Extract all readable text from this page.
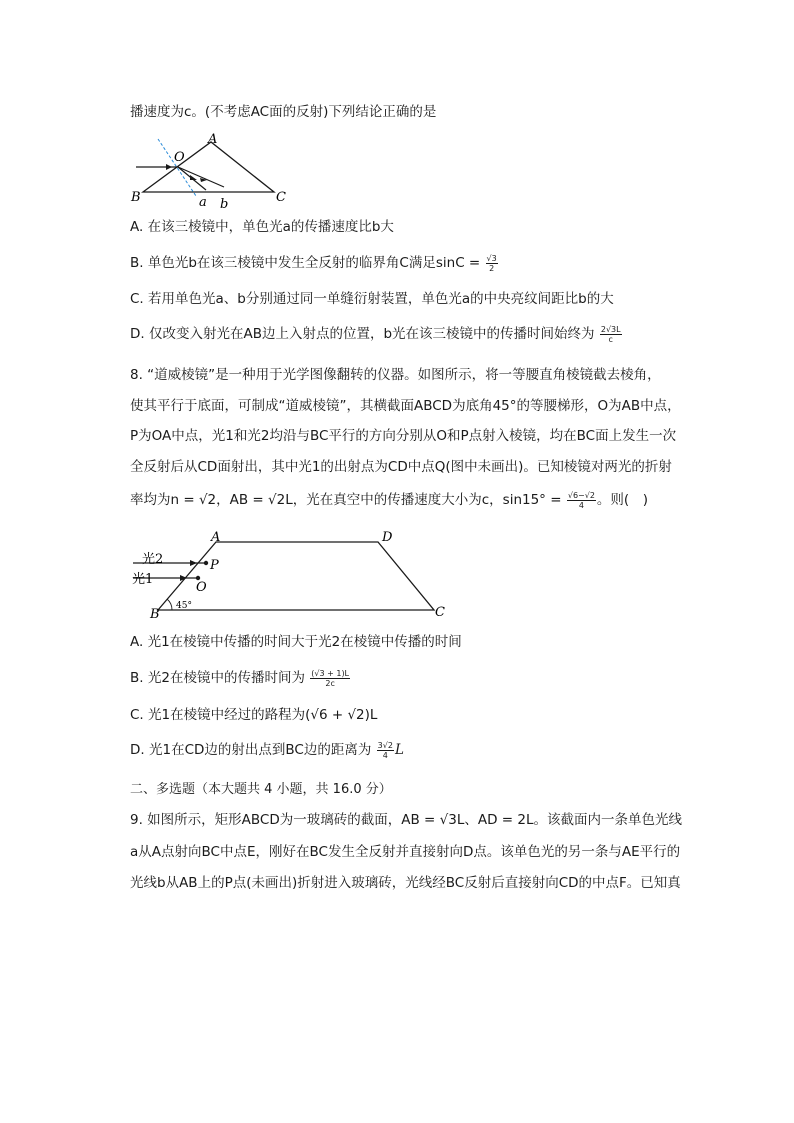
播速度为c。(不考虑AC面的反射)下列结论正确的是
A
O
B	C
a b
A. 在该三棱镜中，单色光a的传播速度比b大
B. 单色光b在该三棱镜中发生全反射的临界角C满足$\sin C = \frac{√3}{2}$
C. 若用单色光a、b分别通过同一单缝衍射装置，单色光a的中央亮纹间距比b的大
D. 仅改变入射光在AB边上入射点的位置，b光在该三棱镜中的传播时间始终为 $\frac{2√3L}{c}$
8. “道威棱镜”是一种用于光学图像翻转的仪器。如图所示，将一等腰直角棱镜截去棱角，
使其平行于底面，可制成“道威棱镜”，其横截面ABCD为底角45°的等腰梯形，O为AB中点，
P为OA中点，光1和光2均沿与BC平行的方向分别从O和P点射入棱镜，均在BC面上发生一次
全反射后从CD面射出，其中光1的出射点为CD中点Q(图中未画出)。已知棱镜对两光的折射
率均为n = √2，AB = √2L，光在真空中的传播速度大小为c，$\sin 15^\circ = \frac{√6-√2}{4}$ 。则(　)
A	D
光2	P
光1
O
B
45°	C
A. 光1在棱镜中传播的时间大于光2在棱镜中传播的时间
B. 光2在棱镜中的传播时间为 $\frac{(√3 + 1)L}{2c}$
C. 光1在棱镜中经过的路程为(√6 + √2)L
D. 光1在CD边的射出点到BC边的距离为 $\frac{3√2}{4}$ L
二、多选题（本大题共 4 小题，共 16.0 分）
9. 如图所示，矩形ABCD为一玻璃砖的截面，AB = √3L、AD = 2L。该截面内一条单色光线
a从A点射向BC中点E，刚好在BC发生全反射并直接射向D点。该单色光的另一条与AE平行的
光线b从AB上的P点(未画出)折射进入玻璃砖，光线经BC反射后直接射向CD的中点F。已知真
